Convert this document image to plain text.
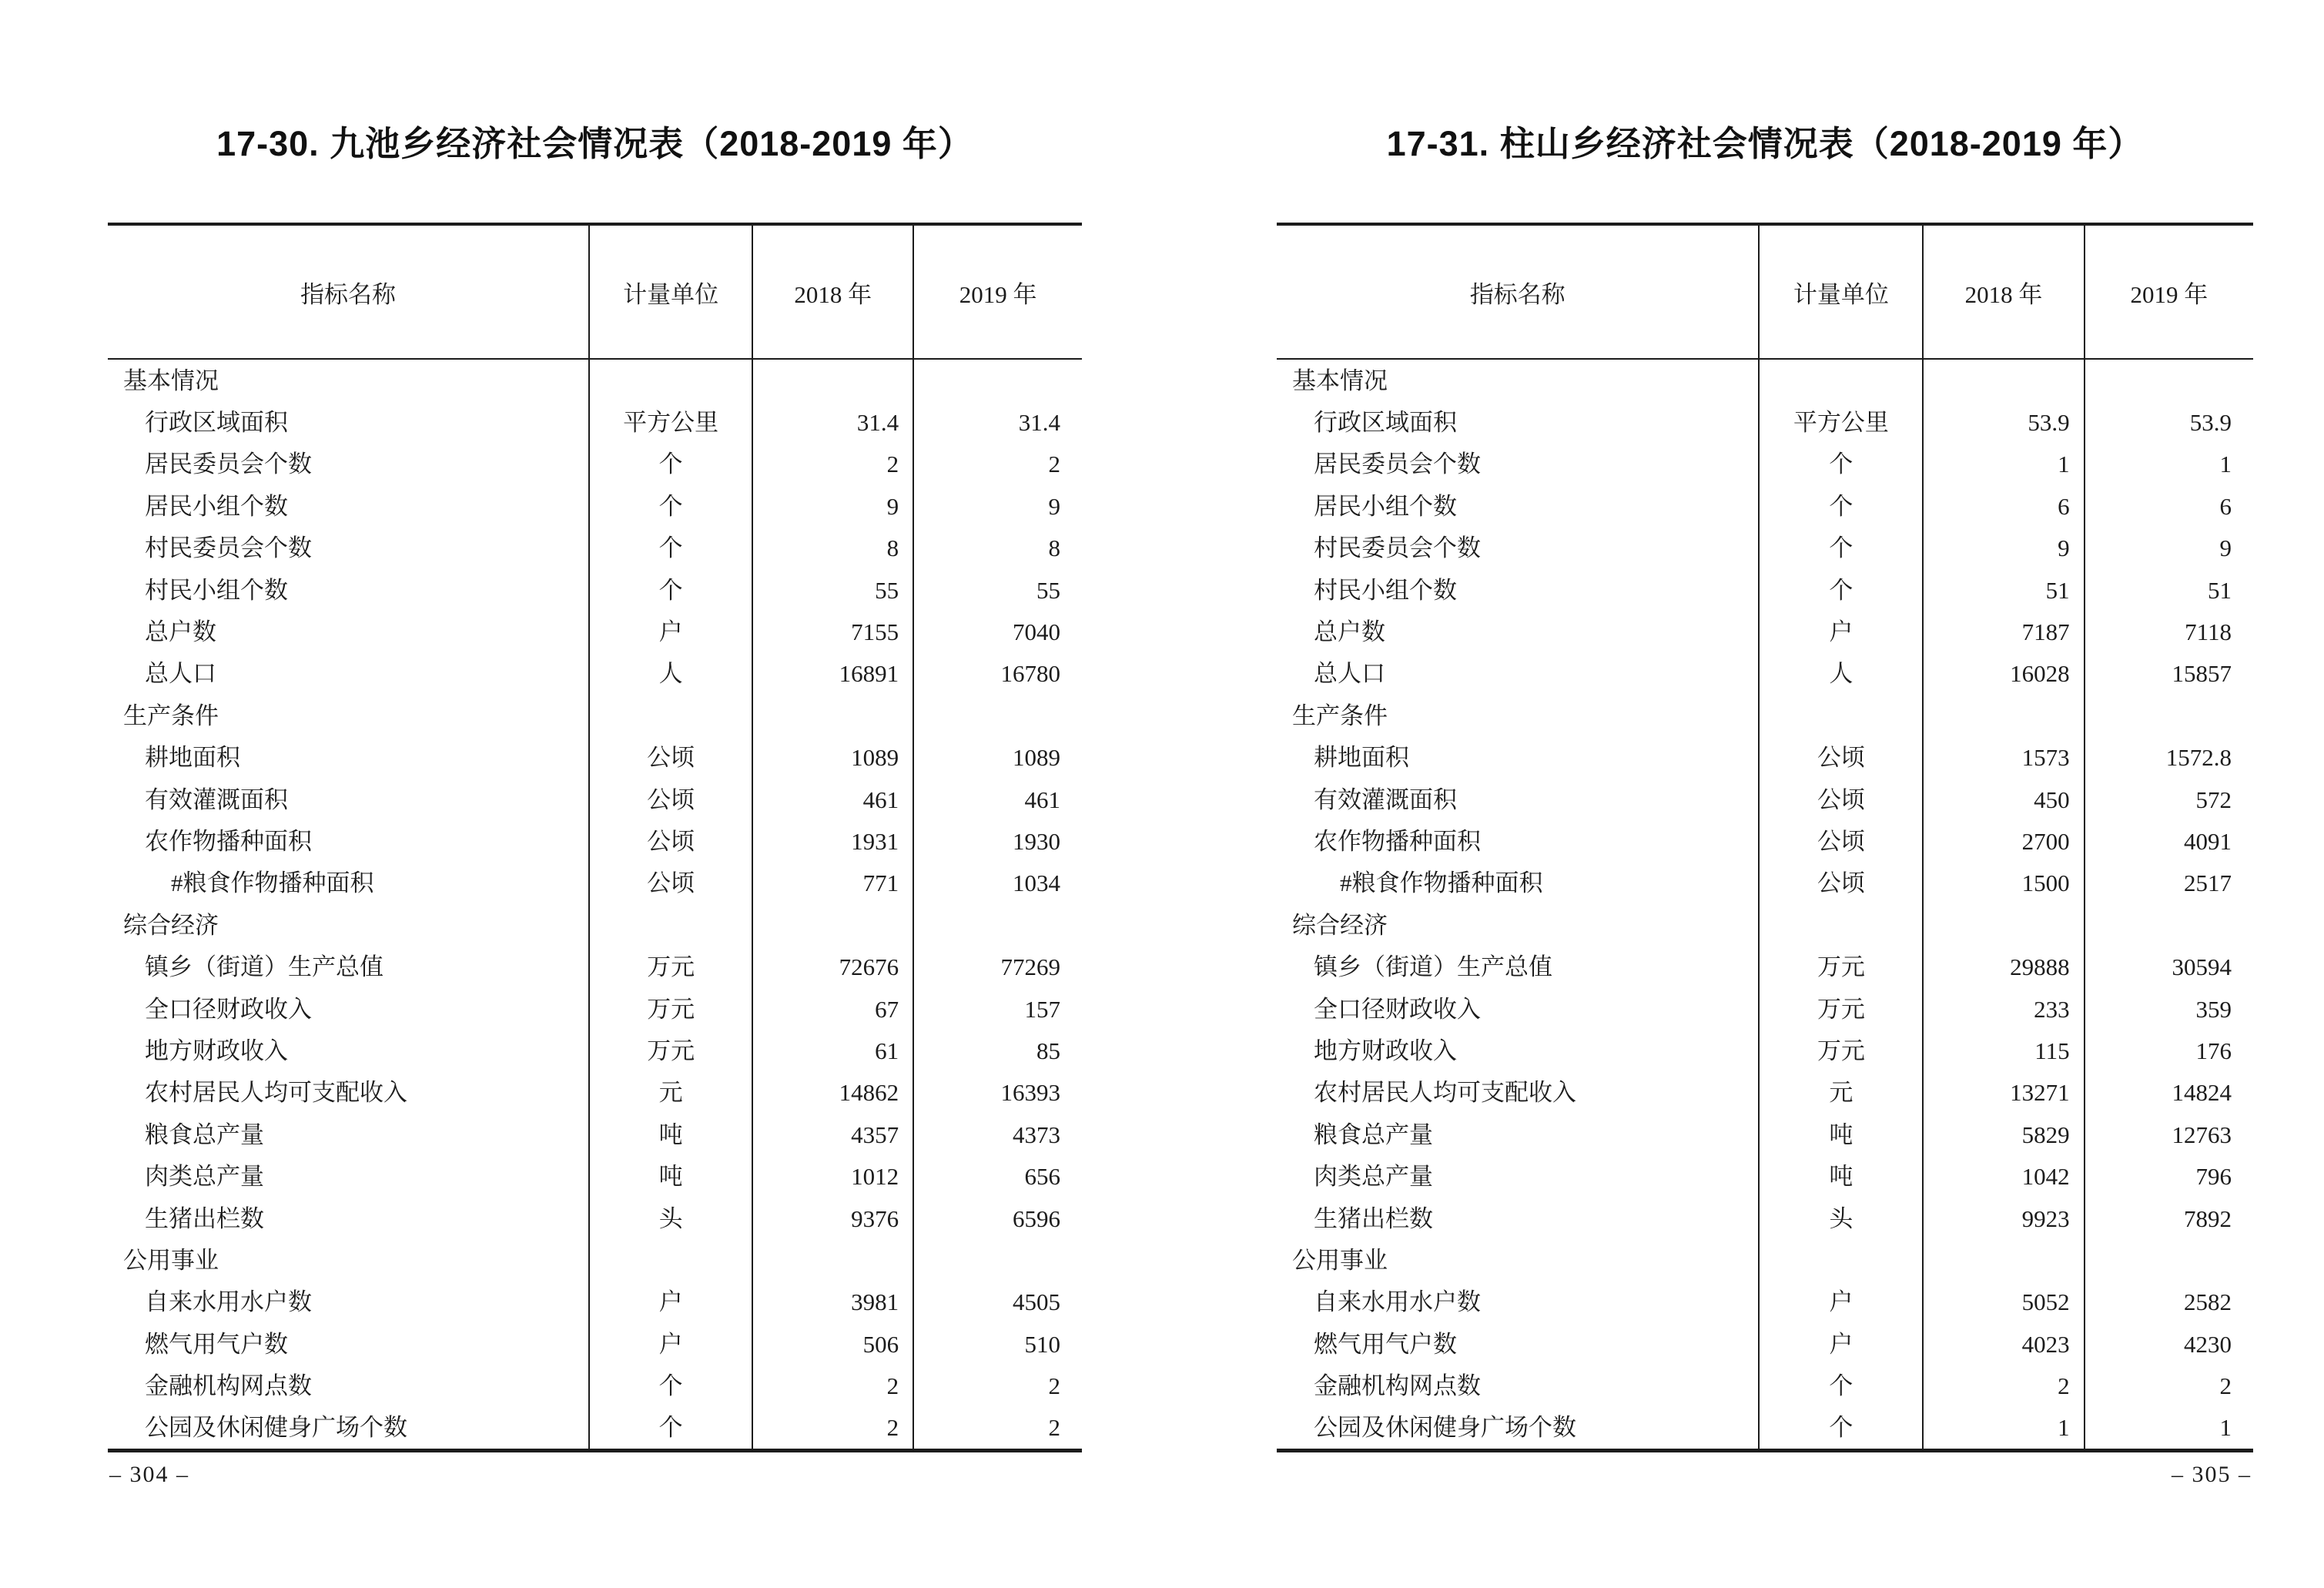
17-30. 九池乡经济社会情况表（2018-2019 年）
指标名称	计量单位	2018 年	2019 年
基本情况			
行政区域面积	平方公里	31.4	31.4
居民委员会个数	个	2	2
居民小组个数	个	9	9
村民委员会个数	个	8	8
村民小组个数	个	55	55
总户数	户	7155	7040
总人口	人	16891	16780
生产条件			
耕地面积	公顷	1089	1089
有效灌溉面积	公顷	461	461
农作物播种面积	公顷	1931	1930
#粮食作物播种面积	公顷	771	1034
综合经济			
镇乡（街道）生产总值	万元	72676	77269
全口径财政收入	万元	67	157
地方财政收入	万元	61	85
农村居民人均可支配收入	元	14862	16393
粮食总产量	吨	4357	4373
肉类总产量	吨	1012	656
生猪出栏数	头	9376	6596
公用事业			
自来水用水户数	户	3981	4505
燃气用气户数	户	506	510
金融机构网点数	个	2	2
公园及休闲健身广场个数	个	2	2
– 304 –
17-31. 柱山乡经济社会情况表（2018-2019 年）
指标名称	计量单位	2018 年	2019 年
基本情况			
行政区域面积	平方公里	53.9	53.9
居民委员会个数	个	1	1
居民小组个数	个	6	6
村民委员会个数	个	9	9
村民小组个数	个	51	51
总户数	户	7187	7118
总人口	人	16028	15857
生产条件			
耕地面积	公顷	1573	1572.8
有效灌溉面积	公顷	450	572
农作物播种面积	公顷	2700	4091
#粮食作物播种面积	公顷	1500	2517
综合经济			
镇乡（街道）生产总值	万元	29888	30594
全口径财政收入	万元	233	359
地方财政收入	万元	115	176
农村居民人均可支配收入	元	13271	14824
粮食总产量	吨	5829	12763
肉类总产量	吨	1042	796
生猪出栏数	头	9923	7892
公用事业			
自来水用水户数	户	5052	2582
燃气用气户数	户	4023	4230
金融机构网点数	个	2	2
公园及休闲健身广场个数	个	1	1
– 305 –
